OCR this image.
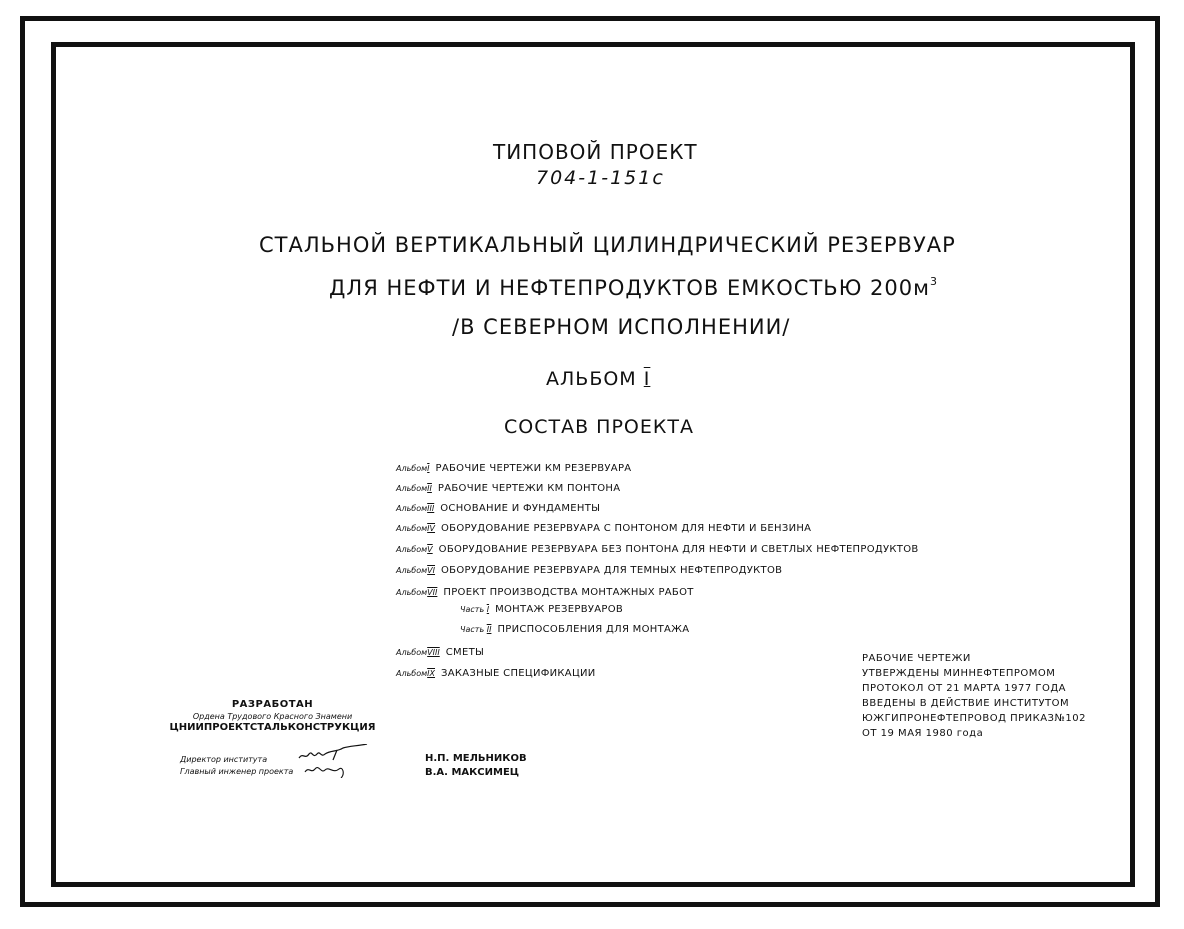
ТИПОВОЙ ПРОЕКТ
704-1-151с
СТАЛЬНОЙ ВЕРТИКАЛЬНЫЙ ЦИЛИНДРИЧЕСКИЙ РЕЗЕРВУАР
ДЛЯ НЕФТИ И НЕФТЕПРОДУКТОВ ЕМКОСТЬЮ $200м^3$
/В СЕВЕРНОМ ИСПОЛНЕНИИ/
АЛЬБОМ I
СОСТАВ ПРОЕКТА
АльбомI РАБОЧИЕ ЧЕРТЕЖИ КМ РЕЗЕРВУАРА
АльбомII РАБОЧИЕ ЧЕРТЕЖИ КМ ПОНТОНА
АльбомIII ОСНОВАНИЕ И ФУНДАМЕНТЫ
АльбомIV ОБОРУДОВАНИЕ РЕЗЕРВУАРА С ПОНТОНОМ ДЛЯ НЕФТИ И БЕНЗИНА
АльбомV ОБОРУДОВАНИЕ РЕЗЕРВУАРА БЕЗ ПОНТОНА ДЛЯ НЕФТИ И СВЕТЛЫХ НЕФТЕПРОДУКТОВ
АльбомVI ОБОРУДОВАНИЕ РЕЗЕРВУАРА ДЛЯ ТЕМНЫХ НЕФТЕПРОДУКТОВ
АльбомVII ПРОЕКТ ПРОИЗВОДСТВА МОНТАЖНЫХ РАБОТ
Часть I МОНТАЖ РЕЗЕРВУАРОВ
Часть II ПРИСПОСОБЛЕНИЯ ДЛЯ МОНТАЖА
АльбомVIII СМЕТЫ
АльбомIX ЗАКАЗНЫЕ СПЕЦИФИКАЦИИ
РАБОЧИЕ ЧЕРТЕЖИ
УТВЕРЖДЕНЫ МИННЕФТЕПРОМОМ
ПРОТОКОЛ ОТ 21 МАРТА 1977 ГОДА
ВВЕДЕНЫ В ДЕЙСТВИЕ ИНСТИТУТОМ
ЮЖГИПРОНЕФТЕПРОВОД ПРИКАЗ№102
ОТ 19 МАЯ 1980 года
РАЗРАБОТАН
Ордена Трудового Красного Знамени
ЦНИИПРОЕКТСТАЛЬКОНСТРУКЦИЯ
Директор института
Главный инженер проекта
Н.П. МЕЛЬНИКОВ
В.А. МАКСИМЕЦ
